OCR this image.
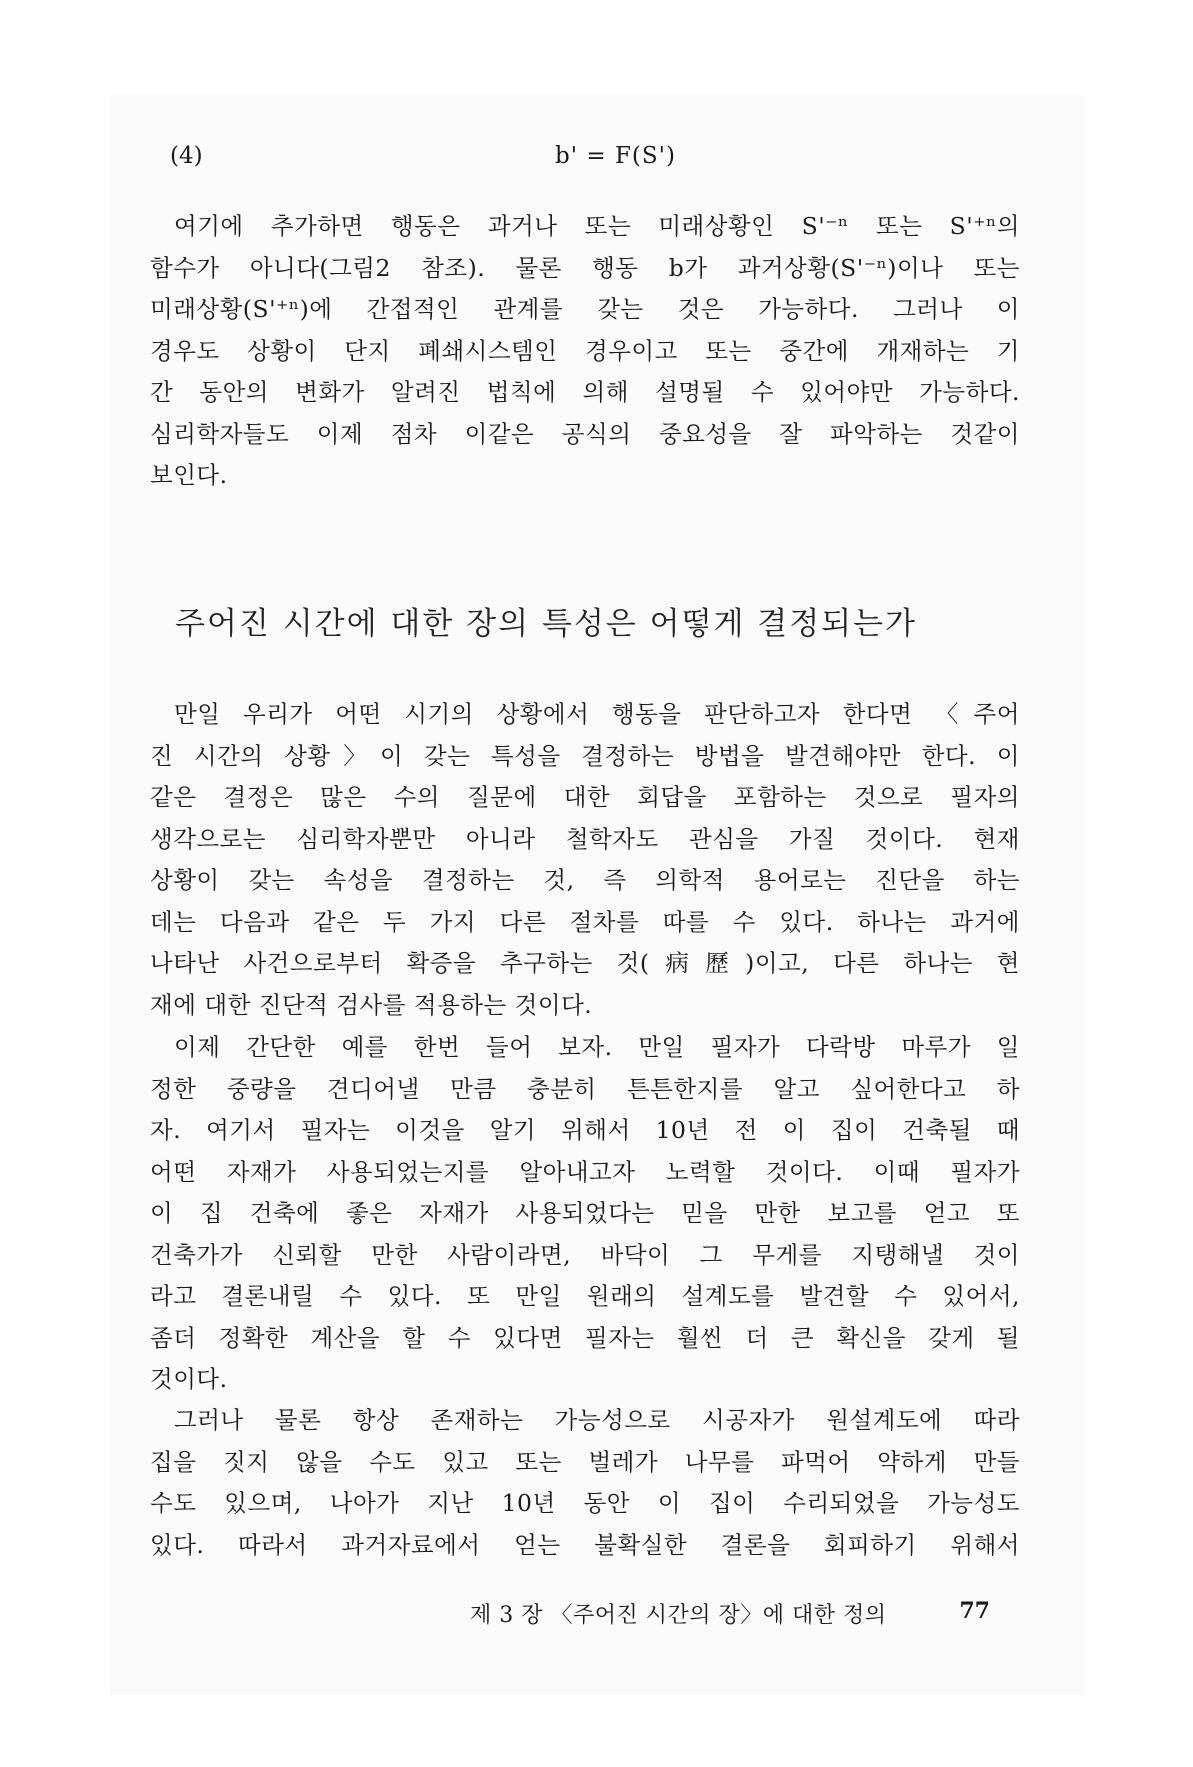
(4)	b' = F(S')
여기에 추가하면 행동은 과거나 또는 미래상황인 S'⁻ⁿ 또는 S'⁺ⁿ의
함수가 아니다(그림2 참조). 물론 행동 b가 과거상황(S'⁻ⁿ)이나 또는
미래상황(S'⁺ⁿ)에 간접적인 관계를 갖는 것은 가능하다. 그러나 이
경우도 상황이 단지 폐쇄시스템인 경우이고 또는 중간에 개재하는 기
간 동안의 변화가 알려진 법칙에 의해 설명될 수 있어야만 가능하다.
심리학자들도 이제 점차 이같은 공식의 중요성을 잘 파악하는 것같이
보인다.
주어진 시간에 대한 장의 특성은 어떻게 결정되는가
만일 우리가 어떤 시기의 상황에서 행동을 판단하고자 한다면 〈주어
진 시간의 상황〉이 갖는 특성을 결정하는 방법을 발견해야만 한다. 이
같은 결정은 많은 수의 질문에 대한 회답을 포함하는 것으로 필자의
생각으로는 심리학자뿐만 아니라 철학자도 관심을 가질 것이다. 현재
상황이 갖는 속성을 결정하는 것, 즉 의학적 용어로는 진단을 하는
데는 다음과 같은 두 가지 다른 절차를 따를 수 있다. 하나는 과거에
나타난 사건으로부터 확증을 추구하는 것(病歷)이고, 다른 하나는 현
재에 대한 진단적 검사를 적용하는 것이다.
이제 간단한 예를 한번 들어 보자. 만일 필자가 다락방 마루가 일
정한 중량을 견디어낼 만큼 충분히 튼튼한지를 알고 싶어한다고 하
자. 여기서 필자는 이것을 알기 위해서 10년 전 이 집이 건축될 때
어떤 자재가 사용되었는지를 알아내고자 노력할 것이다. 이때 필자가
이 집 건축에 좋은 자재가 사용되었다는 믿을 만한 보고를 얻고 또
건축가가 신뢰할 만한 사람이라면, 바닥이 그 무게를 지탱해낼 것이
라고 결론내릴 수 있다. 또 만일 원래의 설계도를 발견할 수 있어서,
좀더 정확한 계산을 할 수 있다면 필자는 훨씬 더 큰 확신을 갖게 될
것이다.
그러나 물론 항상 존재하는 가능성으로 시공자가 원설계도에 따라
집을 짓지 않을 수도 있고 또는 벌레가 나무를 파먹어 약하게 만들
수도 있으며, 나아가 지난 10년 동안 이 집이 수리되었을 가능성도
있다. 따라서 과거자료에서 얻는 불확실한 결론을 회피하기 위해서
제 3 장 〈주어진 시간의 장〉에 대한 정의	77
